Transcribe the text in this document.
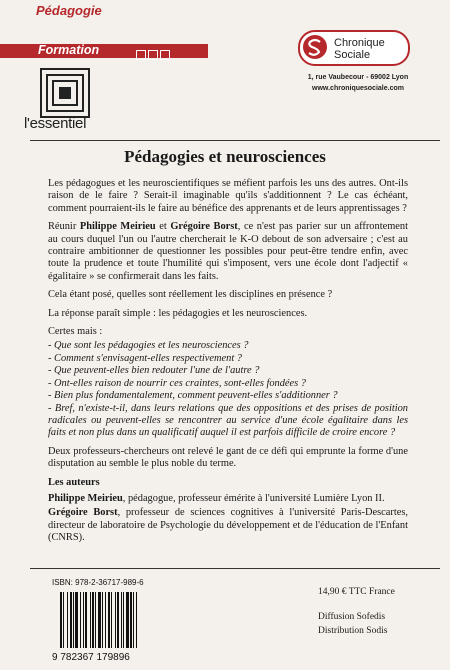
Pédagogie
Formation
l'essentiel
Chronique
Sociale
1, rue Vaubecour - 69002 Lyon
www.chroniquesociale.com
Pédagogies et neurosciences

Les pédagogues et les neuroscientifiques se méfient parfois les uns des autres. Ont-ils raison de le faire ? Serait-il imaginable qu'ils s'additionnent ? Le cas échéant, comment pourraient-ils le faire au bénéfice des apprenants et de leurs apprentissages ?

Réunir Philippe Meirieu et Grégoire Borst, ce n'est pas parier sur un affrontement au cours duquel l'un ou l'autre chercherait le K-O debout de son adversaire ; c'est au contraire ambitionner de questionner les possibles pour peut-être tendre enfin, avec toute la prudence et toute l'humilité qui s'imposent, vers une école dont l'adjectif « égalitaire » se confirmerait dans les faits.

Cela étant posé, quelles sont réellement les disciplines en présence ?

La réponse paraît simple : les pédagogies et les neurosciences.

Certes mais :

- Que sont les pédagogies et les neurosciences ?
- Comment s'envisagent-elles respectivement ?
- Que peuvent-elles bien redouter l'une de l'autre ?
- Ont-elles raison de nourrir ces craintes, sont-elles fondées ?
- Bien plus fondamentalement, comment peuvent-elles s'additionner ?
- Bref, n'existe-t-il, dans leurs relations que des oppositions et des prises de position radicales ou peuvent-elles se rencontrer au service d'une école égalitaire dans les faits et non plus dans un qualificatif auquel il est parfois difficile de croire encore ?

Deux professeurs-chercheurs ont relevé le gant de ce défi qui emprunte la forme d'une disputation au semble le plus noble du terme.

Les auteurs

Philippe Meirieu, pédagogue, professeur émérite à l'université Lumière Lyon II.

Grégoire Borst, professeur de sciences cognitives à l'université Paris-Descartes, directeur de laboratoire de Psychologie du développement et de l'éducation de l'Enfant (CNRS).

ISBN: 978-2-36717-989-6
9 782367 179896
14,90 € TTC France
Diffusion Sofedis
Distribution Sodis
